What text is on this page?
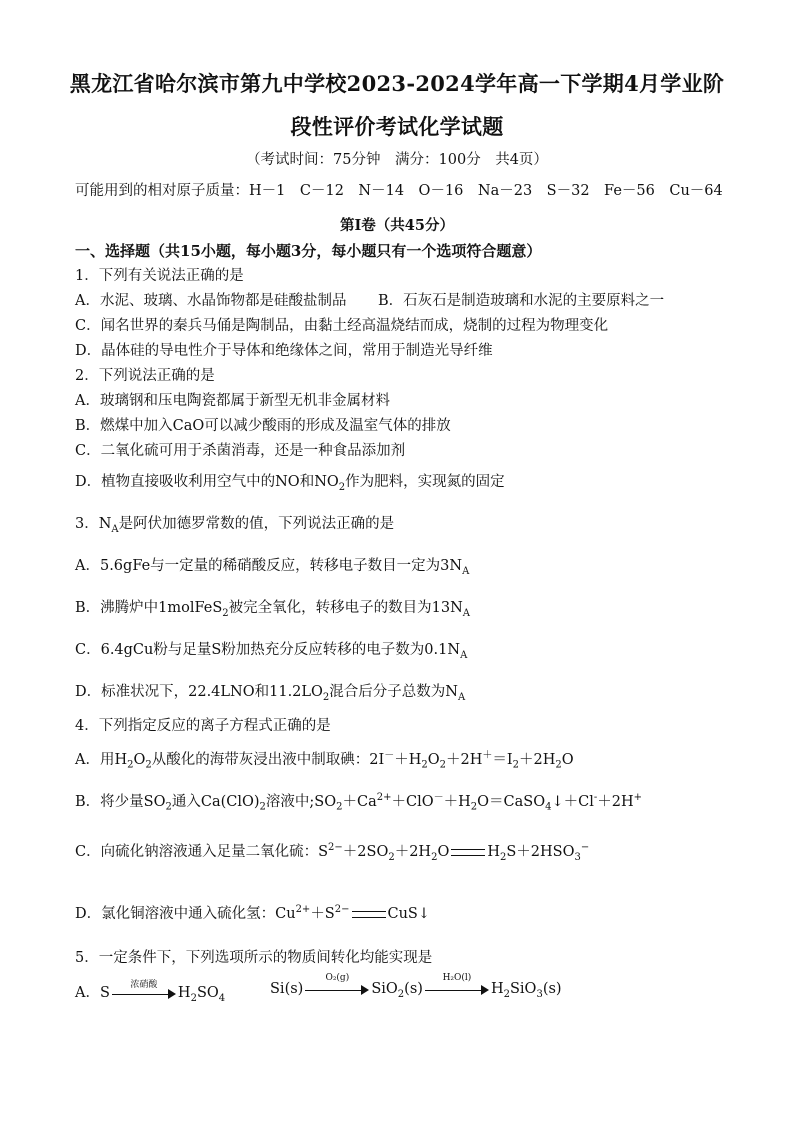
黑龙江省哈尔滨市第九中学校2023-2024学年高一下学期4月学业阶
段性评价考试化学试题
（考试时间：75分钟　满分：100分　共4页）
可能用到的相对原子质量：H－1　C－12　N－14　O－16　Na－23　S－32　Fe－56　Cu－64
第Ⅰ卷（共45分）
一、选择题（共15小题，每小题3分，每小题只有一个选项符合题意）
1．下列有关说法正确的是
A．水泥、玻璃、水晶饰物都是硅酸盐制品 B．石灰石是制造玻璃和水泥的主要原料之一
C．闻名世界的秦兵马俑是陶制品，由黏土经高温烧结而成，烧制的过程为物理变化
D．晶体硅的导电性介于导体和绝缘体之间，常用于制造光导纤维
2．下列说法正确的是
A．玻璃钢和压电陶瓷都属于新型无机非金属材料
B．燃煤中加入CaO可以减少酸雨的形成及温室气体的排放
C．二氧化硫可用于杀菌消毒，还是一种食品添加剂
D．植物直接吸收利用空气中的NO和$NO_2$作为肥料，实现氮的固定
3．$N_A$是阿伏加德罗常数的值，下列说法正确的是
A．5.6gFe与一定量的稀硝酸反应，转移电子数目一定为$3N_A$
B．沸腾炉中1molFeS$_2$被完全氧化，转移电子的数目为$13N_A$
C．6.4gCu粉与足量S粉加热充分反应转移的电子数为$0.1N_A$
D．标准状况下，22.4LNO和$11.2LO_2$混合后分子总数为$N_A$
4．下列指定反应的离子方程式正确的是
A．用$H_2O_2$从酸化的海带灰浸出液中制取碘：$2I^-+H_2O_2+2H^+=I_2+2H_2O$
B．将少量$SO_2$通入$Ca(ClO)_2$溶液中$;SO_2+Ca^{2+}+ClO^-+H_2O=CaSO_4↓+Cl^-+2H^+$
C．向硫化钠溶液通入足量二氧化硫：$S^{2-}+2SO_2+2H_2O$	$H_2S+2HSO_3^-$
D．氯化铜溶液中通入硫化氢：$Cu^{2+}+S^{2-}$	CuS↓
5．一定条件下，下列选项所示的物质间转化均能实现是
A．S	浓硝酸	$H_2SO_4$
Si(s)
O₂(g)
SiO$_2$(s)
H₂O(l)
$H_2SiO_3(s)$
